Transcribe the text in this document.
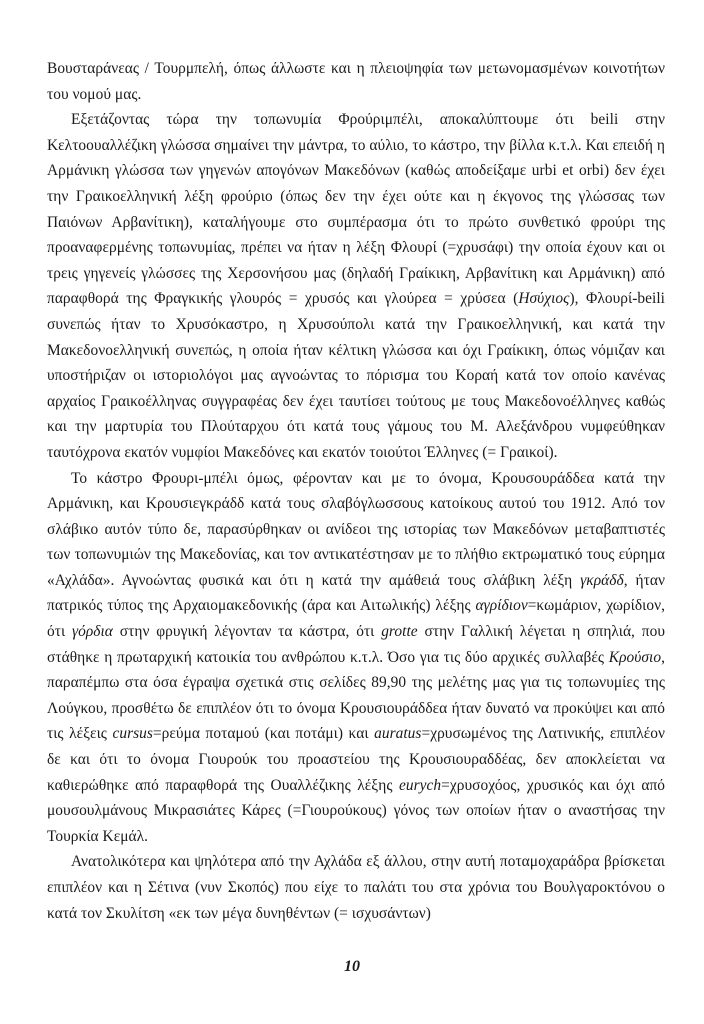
Βουσταράνεας / Τουρμπελή, όπως άλλωστε και η πλειοψηφία των μετωνομασμένων κοινοτήτων του νομού μας.

Εξετάζοντας τώρα την τοπωνυμία Φρούριμπέλι, αποκαλύπτουμε ότι beili στην Κελτοουαλλέζικη γλώσσα σημαίνει την μάντρα, το αύλιο, το κάστρο, την βίλλα κ.τ.λ. Και επειδή η Αρμάνικη γλώσσα των γηγενών απογόνων Μακεδόνων (καθώς αποδείξαμε urbi et orbi) δεν έχει την Γραικοελληνική λέξη φρούριο (όπως δεν την έχει ούτε και η έκγονος της γλώσσας των Παιόνων Αρβανίτικη), καταλήγουμε στο συμπέρασμα ότι το πρώτο συνθετικό φρούρι της προαναφερμένης τοπωνυμίας, πρέπει να ήταν η λέξη Φλουρί (=χρυσάφι) την οποία έχουν και οι τρεις γηγενείς γλώσσες της Χερσονήσου μας (δηλαδή Γραίκικη, Αρβανίτικη και Αρμάνικη) από παραφθορά της Φραγκικής γλουρός = χρυσός και γλούρεα = χρύσεα (Ησύχιος), Φλουρί-beili συνεπώς ήταν το Χρυσόκαστρο, η Χρυσούπολι κατά την Γραικοελληνική, και κατά την Μακεδονοελληνική συνεπώς, η οποία ήταν κέλτικη γλώσσα και όχι Γραίκικη, όπως νόμιζαν και υποστήριζαν οι ιστοριολόγοι μας αγνοώντας το πόρισμα του Κοραή κατά τον οποίο κανένας αρχαίος Γραικοέλληνας συγγραφέας δεν έχει ταυτίσει τούτους με τους Μακεδονοέλληνες καθώς και την μαρτυρία του Πλούταρχου ότι κατά τους γάμους του Μ. Αλεξάνδρου νυμφεύθηκαν ταυτόχρονα εκατόν νυμφίοι Μακεδόνες και εκατόν τοιούτοι Έλληνες (= Γραικοί).

Το κάστρο Φρουρι-μπέλι όμως, φέρονταν και με το όνομα, Κρουσουράδδεα κατά την Αρμάνικη, και Κρουσιεγκράδδ κατά τους σλαβόγλωσσους κατοίκους αυτού του 1912. Από τον σλάβικο αυτόν τύπο δε, παρασύρθηκαν οι ανίδεοι της ιστορίας των Μακεδόνων μεταβαπτιστές των τοπωνυμιών της Μακεδονίας, και τον αντικατέστησαν με το πλήθιο εκτρωματικό τους εύρημα «Αχλάδα». Αγνοώντας φυσικά και ότι η κατά την αμάθειά τους σλάβικη λέξη γκράδδ, ήταν πατρικός τύπος της Αρχαιομακεδονικής (άρα και Αιτωλικής) λέξης αγρίδιον=κωμάριον, χωρίδιον, ότι γόρδια στην φρυγική λέγονταν τα κάστρα, ότι grotte στην Γαλλική λέγεται η σπηλιά, που στάθηκε η πρωταρχική κατοικία του ανθρώπου κ.τ.λ. Όσο για τις δύο αρχικές συλλαβές Κρούσιο, παραπέμπω στα όσα έγραψα σχετικά στις σελίδες 89,90 της μελέτης μας για τις τοπωνυμίες της Λούγκου, προσθέτω δε επιπλέον ότι το όνομα Κρουσιουράδδεα ήταν δυνατό να προκύψει και από τις λέξεις cursus=ρεύμα ποταμού (και ποτάμι) και auratus=χρυσωμένος της Λατινικής, επιπλέον δε και ότι το όνομα Γιουρούκ του προαστείου της Κρουσιουραδδέας, δεν αποκλείεται να καθιερώθηκε από παραφθορά της Ουαλλέζικης λέξης eurych=χρυσοχόος, χρυσικός και όχι από μουσουλμάνους Μικρασιάτες Κάρες (=Γιουρούκους) γόνος των οποίων ήταν ο αναστήσας την Τουρκία Κεμάλ.

Ανατολικότερα και ψηλότερα από την Αχλάδα εξ άλλου, στην αυτή ποταμοχαράδρα βρίσκεται επιπλέον και η Σέτινα (νυν Σκοπός) που είχε το παλάτι του στα χρόνια του Βουλγαροκτόνου ο κατά τον Σκυλίτση «εκ των μέγα δυνηθέντων (= ισχυσάντων)

10
